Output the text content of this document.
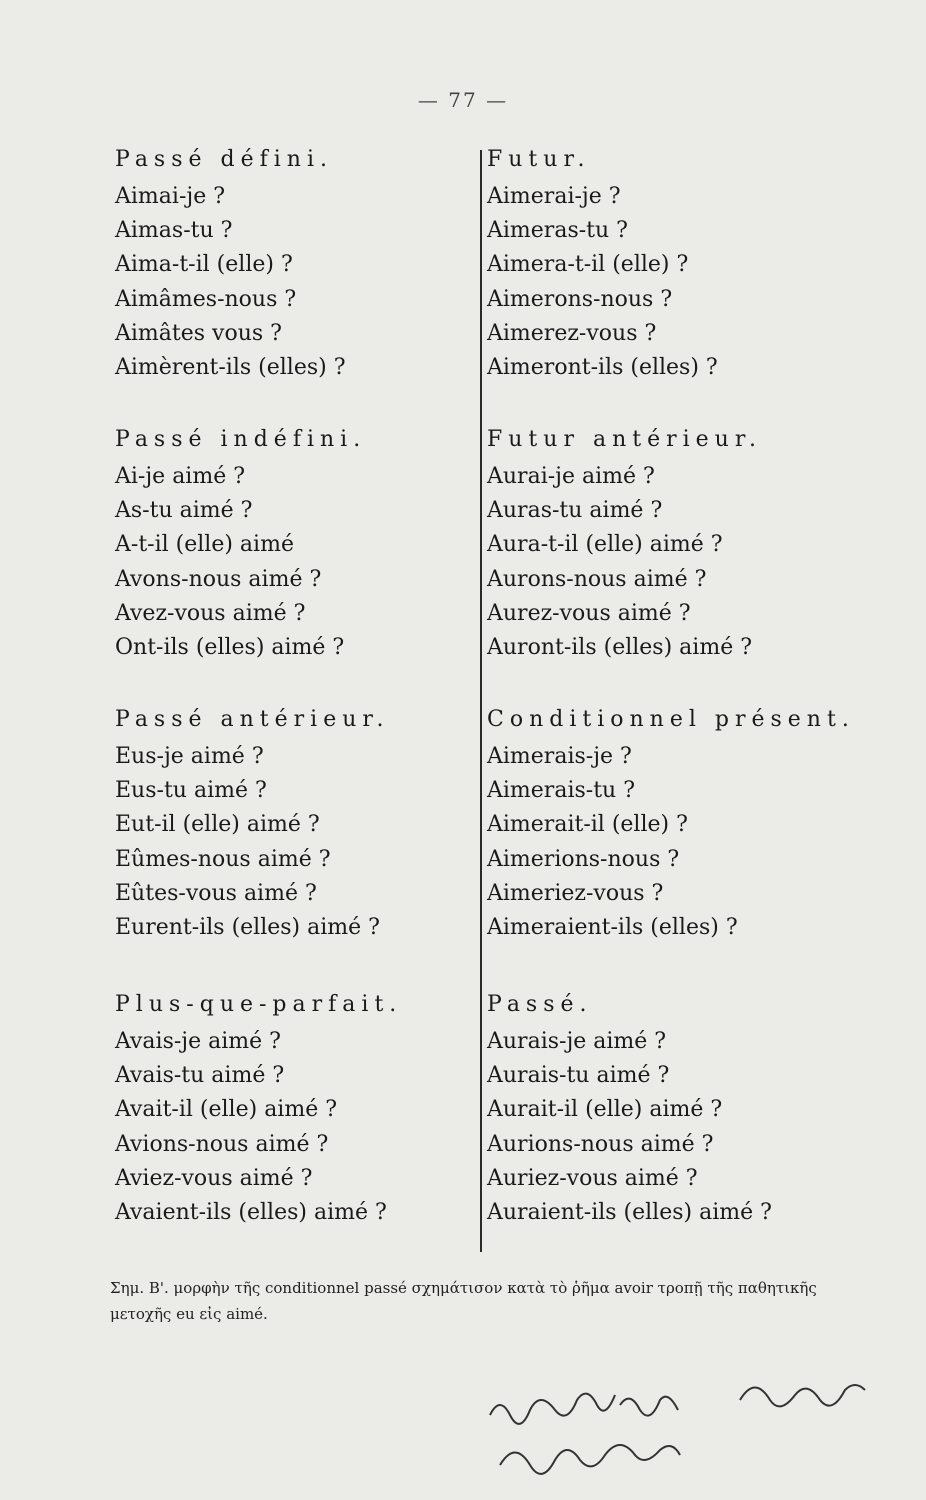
— 77 —
Passé défini.
Aimai-je ?
Aimas-tu ?
Aima-t-il (elle) ?
Aimâmes-nous ?
Aimâtes vous ?
Aimèrent-ils (elles) ?
Passé indéfini.
Ai-je aimé ?
As-tu aimé ?
A-t-il (elle) aimé
Avons-nous aimé ?
Avez-vous aimé ?
Ont-ils (elles) aimé ?
Passé antérieur.
Eus-je aimé ?
Eus-tu aimé ?
Eut-il (elle) aimé ?
Eûmes-nous aimé ?
Eûtes-vous aimé ?
Eurent-ils (elles) aimé ?
Plus-que-parfait.
Avais-je aimé ?
Avais-tu aimé ?
Avait-il (elle) aimé ?
Avions-nous aimé ?
Aviez-vous aimé ?
Avaient-ils (elles) aimé ?
Futur.
Aimerai-je ?
Aimeras-tu ?
Aimera-t-il (elle) ?
Aimerons-nous ?
Aimerez-vous ?
Aimeront-ils (elles) ?
Futur antérieur.
Aurai-je aimé ?
Auras-tu aimé ?
Aura-t-il (elle) aimé ?
Aurons-nous aimé ?
Aurez-vous aimé ?
Auront-ils (elles) aimé ?
Conditionnel présent.
Aimerais-je ?
Aimerais-tu ?
Aimerait-il (elle) ?
Aimerions-nous ?
Aimeriez-vous ?
Aimeraient-ils (elles) ?
Passé.
Aurais-je aimé ?
Aurais-tu aimé ?
Aurait-il (elle) aimé ?
Aurions-nous aimé ?
Auriez-vous aimé ?
Auraient-ils (elles) aimé ?
Σημ. Β'. μορφὴν τῆς conditionnel passé σχημάτισον κατὰ τὸ ῥῆμα avoir τροπῇ τῆς παθητικῆς μετοχῆς eu εἰς aimé.
